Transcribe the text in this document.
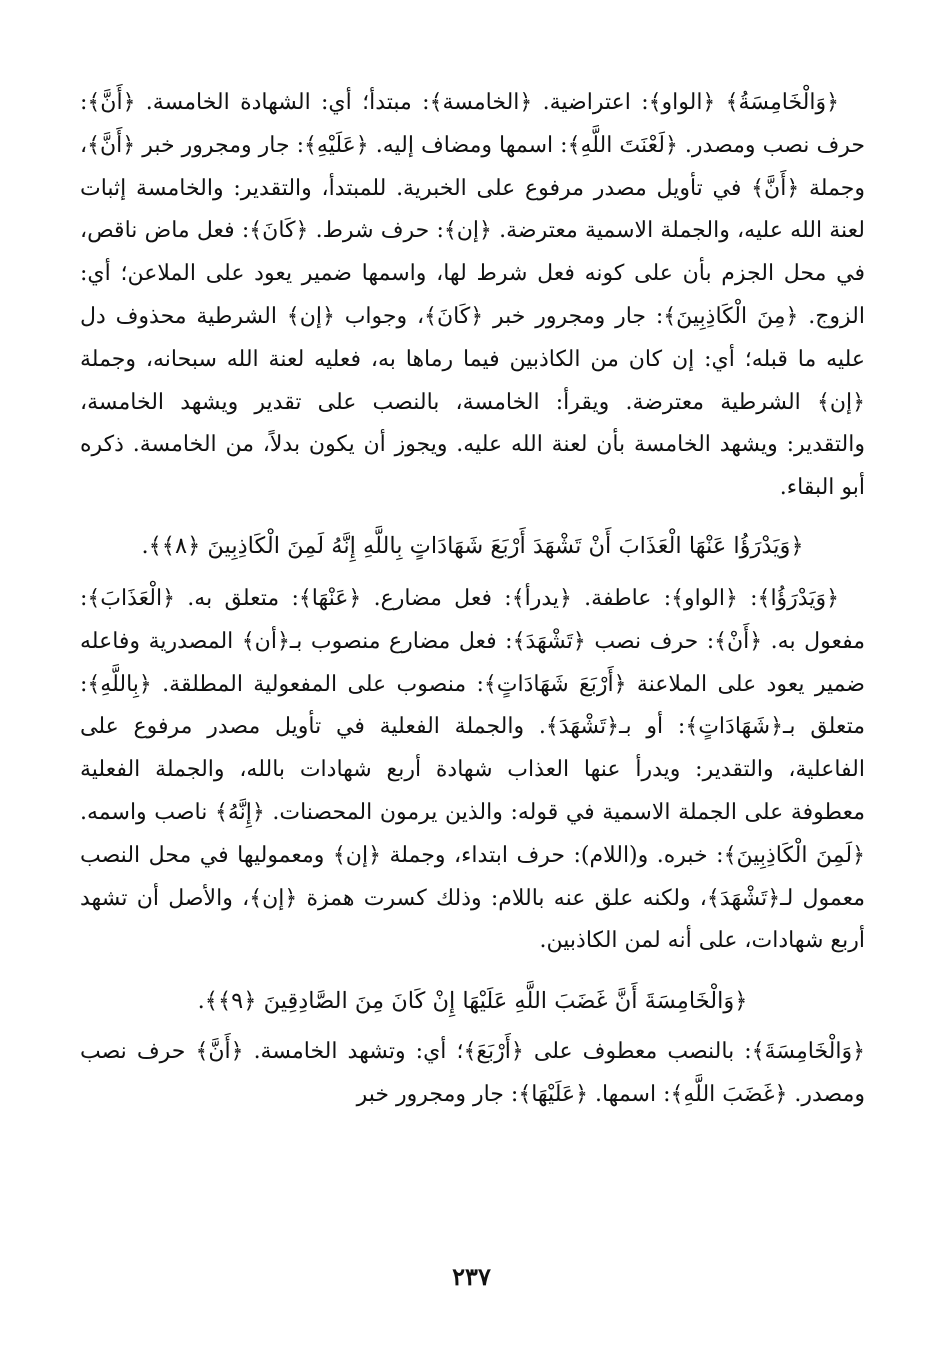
﴿وَالْخَامِسَةُ﴾ ﴿الواو﴾: اعتراضية. ﴿الخامسة﴾: مبتدأ؛ أي: الشهادة الخامسة. ﴿أَنَّ﴾: حرف نصب ومصدر. ﴿لَعْنَتَ اللَّهِ﴾: اسمها ومضاف إليه. ﴿عَلَيْهِ﴾: جار ومجرور خبر ﴿أَنَّ﴾، وجملة ﴿أَنَّ﴾ في تأويل مصدر مرفوع على الخبرية. للمبتدأ، والتقدير: والخامسة إثبات لعنة الله عليه، والجملة الاسمية معترضة. ﴿إن﴾: حرف شرط. ﴿كَانَ﴾: فعل ماض ناقص، في محل الجزم بأن على كونه فعل شرط لها، واسمها ضمير يعود على الملاعن؛ أي: الزوج. ﴿مِنَ الْكَاذِبِينَ﴾: جار ومجرور خبر ﴿كَانَ﴾، وجواب ﴿إن﴾ الشرطية محذوف دل عليه ما قبله؛ أي: إن كان من الكاذبين فيما رماها به، فعليه لعنة الله سبحانه، وجملة ﴿إن﴾ الشرطية معترضة. ويقرأ: الخامسة، بالنصب على تقدير ويشهد الخامسة، والتقدير: ويشهد الخامسة بأن لعنة الله عليه. ويجوز أن يكون بدلاً، من الخامسة. ذكره أبو البقاء.

﴿وَيَدْرَؤُا عَنْهَا الْعَذَابَ أَنْ تَشْهَدَ أَرْبَعَ شَهَادَاتٍ بِاللَّهِ إِنَّهُ لَمِنَ الْكَاذِبِينَ ﴿٨﴾﴾.

﴿وَيَدْرَؤُا﴾: ﴿الواو﴾: عاطفة. ﴿يدرأ﴾: فعل مضارع. ﴿عَنْهَا﴾: متعلق به. ﴿الْعَذَابَ﴾: مفعول به. ﴿أَنْ﴾: حرف نصب ﴿تَشْهَدَ﴾: فعل مضارع منصوب بـ﴿أن﴾ المصدرية وفاعله ضمير يعود على الملاعنة ﴿أَرْبَعَ شَهَادَاتٍ﴾: منصوب على المفعولية المطلقة. ﴿بِاللَّهِ﴾: متعلق بـ﴿شَهَادَاتٍ﴾: أو بـ﴿تَشْهَدَ﴾. والجملة الفعلية في تأويل مصدر مرفوع على الفاعلية، والتقدير: ويدرأ عنها العذاب شهادة أربع شهادات بالله، والجملة الفعلية معطوفة على الجملة الاسمية في قوله: والذين يرمون المحصنات. ﴿إِنَّهُ﴾ ناصب واسمه. ﴿لَمِنَ الْكَاذِبِينَ﴾: خبره. و(اللام): حرف ابتداء، وجملة ﴿إن﴾ ومعموليها في محل النصب معمول لـ﴿تَشْهَدَ﴾، ولكنه علق عنه باللام: وذلك كسرت همزة ﴿إن﴾، والأصل أن تشهد أربع شهادات، على أنه لمن الكاذبين.

﴿وَالْخَامِسَةَ أَنَّ غَضَبَ اللَّهِ عَلَيْهَا إِنْ كَانَ مِنَ الصَّادِقِينَ ﴿٩﴾﴾.

﴿وَالْخَامِسَةَ﴾: بالنصب معطوف على ﴿أَرْبَعَ﴾؛ أي: وتشهد الخامسة. ﴿أَنَّ﴾ حرف نصب ومصدر. ﴿غَضَبَ اللَّهِ﴾: اسمها. ﴿عَلَيْهَا﴾: جار ومجرور خبر

٢٣٧
